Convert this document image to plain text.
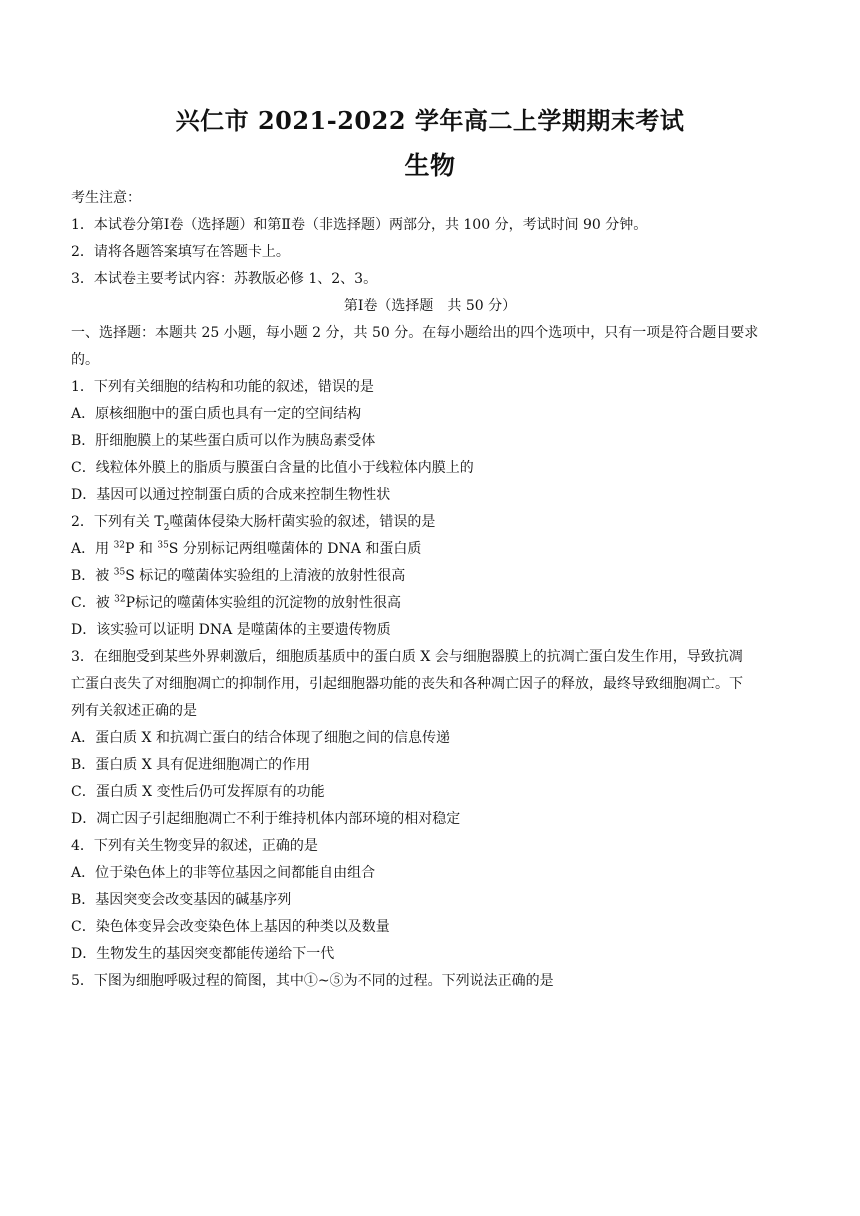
兴仁市 2021-2022 学年高二上学期期末考试
生物
考生注意：
1．本试卷分第Ⅰ卷（选择题）和第Ⅱ卷（非选择题）两部分，共 100 分，考试时间 90 分钟。
2．请将各题答案填写在答题卡上。
3．本试卷主要考试内容：苏教版必修 1、2、3。
第Ⅰ卷（选择题　共 50 分）
一、选择题：本题共 25 小题，每小题 2 分，共 50 分。在每小题给出的四个选项中，只有一项是符合题目要求
的。
1．下列有关细胞的结构和功能的叙述，错误的是
A．原核细胞中的蛋白质也具有一定的空间结构
B．肝细胞膜上的某些蛋白质可以作为胰岛素受体
C．线粒体外膜上的脂质与膜蛋白含量的比值小于线粒体内膜上的
D．基因可以通过控制蛋白质的合成来控制生物性状
2．下列有关 $T_2$噬菌体侵染大肠杆菌实验的叙述，错误的是
A．用 $^{32}$P 和 $^{35}$S 分别标记两组噬菌体的 DNA 和蛋白质
B．被 $^{35}$S 标记的噬菌体实验组的上清液的放射性很高
C．被 $^{32}$P标记的噬菌体实验组的沉淀物的放射性很高
D．该实验可以证明 DNA 是噬菌体的主要遗传物质
3．在细胞受到某些外界刺激后，细胞质基质中的蛋白质 X 会与细胞器膜上的抗凋亡蛋白发生作用，导致抗凋
亡蛋白丧失了对细胞凋亡的抑制作用，引起细胞器功能的丧失和各种凋亡因子的释放，最终导致细胞凋亡。下
列有关叙述正确的是
A．蛋白质 X 和抗凋亡蛋白的结合体现了细胞之间的信息传递
B．蛋白质 X 具有促进细胞凋亡的作用
C．蛋白质 X 变性后仍可发挥原有的功能
D．凋亡因子引起细胞凋亡不利于维持机体内部环境的相对稳定
4．下列有关生物变异的叙述，正确的是
A．位于染色体上的非等位基因之间都能自由组合
B．基因突变会改变基因的碱基序列
C．染色体变异会改变染色体上基因的种类以及数量
D．生物发生的基因突变都能传递给下一代
5．下图为细胞呼吸过程的简图，其中①~⑤为不同的过程。下列说法正确的是
